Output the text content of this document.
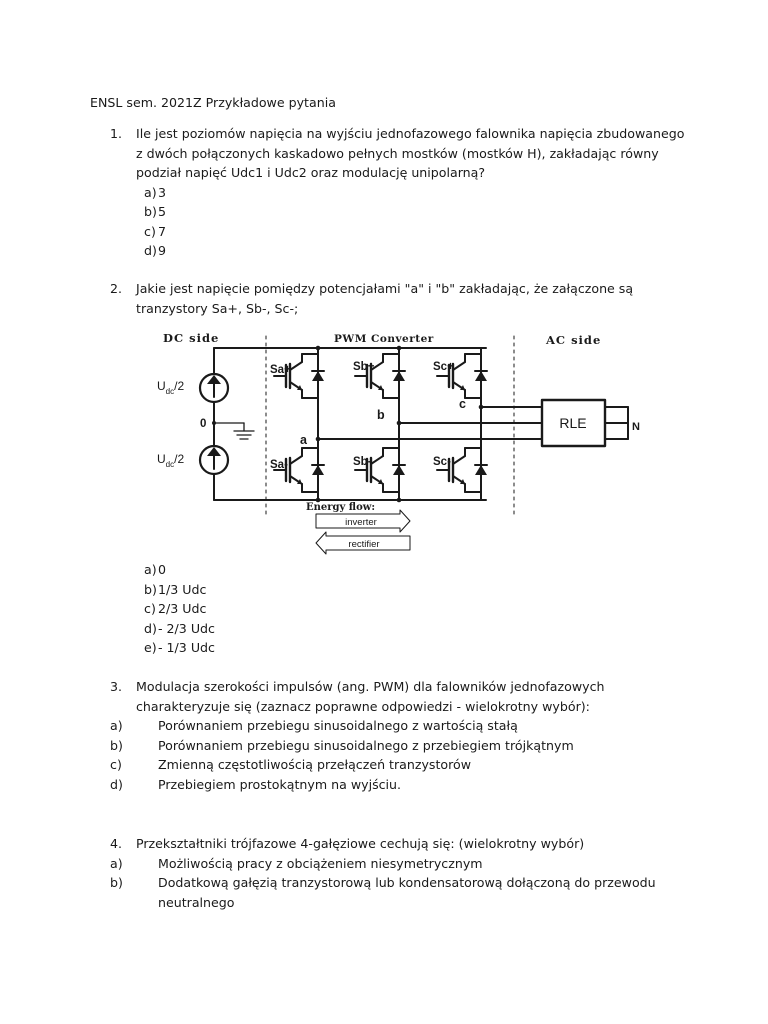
ENSL sem. 2021Z Przykładowe pytania
1. Ile jest poziomów napięcia na wyjściu jednofazowego falownika napięcia zbudowanego z dwóch połączonych kaskadowo pełnych mostków (mostków H), zakładając równy podział napięć Udc1 i Udc2 oraz modulację unipolarną?
a ) 3
b ) 5
c ) 7
d ) 9
2. Jakie jest napięcie pomiędzy potencjałami "a" i "b" zakładając, że załączone są tranzystory Sa+, Sb-, Sc-;
DC side	PWM Converter	AC side
$U_{dc}/2$
$U_{dc}/2$
0
Sa+	Sb+	Sc+
Sa-	Sb-	Sc-
a
b
c
RLE	N
Energy flow:
inverter
rectifier
a ) 0
b ) 1/3 Udc
c ) 2/3 Udc
d ) - 2/3 Udc
e ) - 1/3 Udc
3. Modulacja szerokości impulsów (ang. PWM) dla falowników jednofazowych charakteryzuje się (zaznacz poprawne odpowiedzi - wielokrotny wybór):
a )	Porównaniem przebiegu sinusoidalnego z wartością stałą
b )	Porównaniem przebiegu sinusoidalnego z przebiegiem trójkątnym
c )	Zmienną częstotliwością przełączeń tranzystorów
d )	Przebiegiem prostokątnym na wyjściu.
4. Przekształtniki trójfazowe 4-gałęziowe cechują się: (wielokrotny wybór)
a )	Możliwością pracy z obciążeniem niesymetrycznym
b )	Dodatkową gałęzią tranzystorową lub kondensatorową dołączoną do przewodu neutralnego
